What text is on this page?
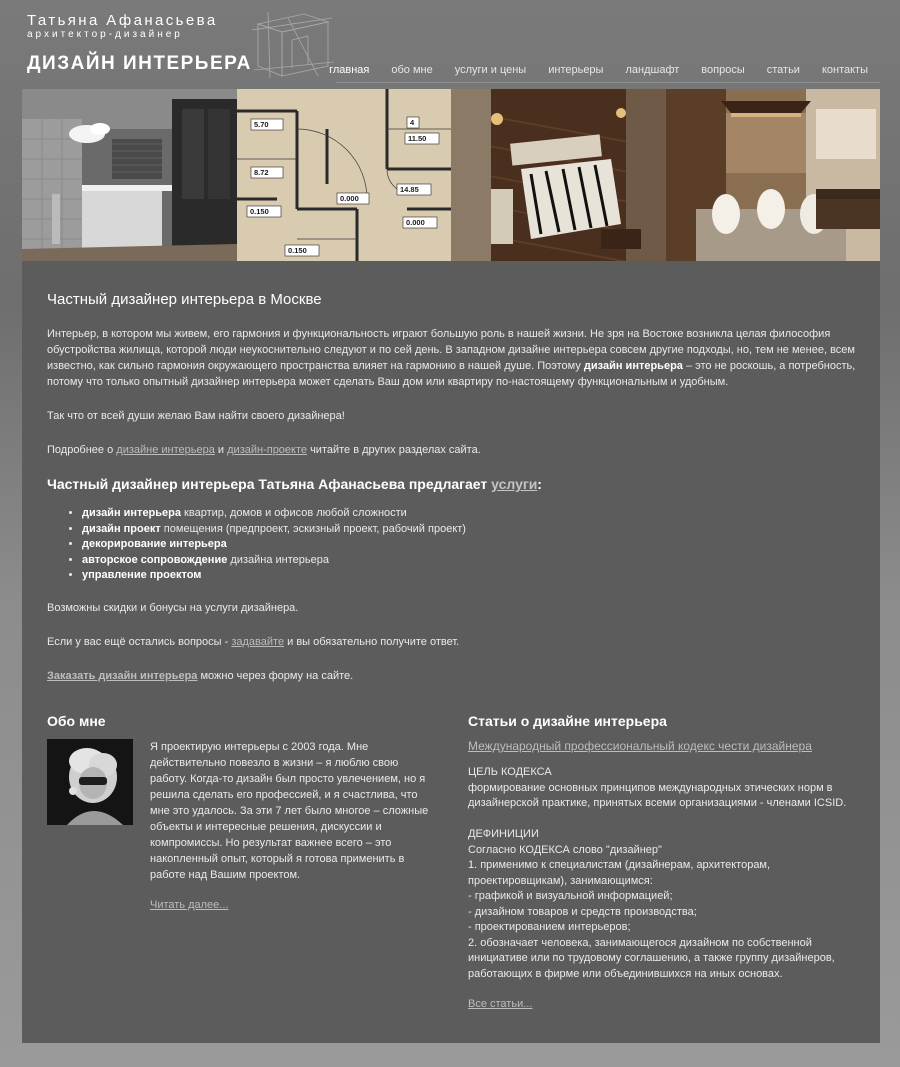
Татьяна Афанасьева
архитектор-дизайнер
ДИЗАЙН ИНТЕРЬЕРА	главная обо мне услуги и цены интерьеры ландшафт вопросы статьи контакты
5.70
8.72
0.150
0.000
14.85
11.50
0.000
0.150
4
Частный дизайнер интерьера в Москве

Интерьер, в котором мы живем, его гармония и функциональность играют большую роль в нашей жизни. Не зря на Востоке возникла целая философия обустройства жилища, которой люди неукоснительно следуют и по сей день. В западном дизайне интерьера совсем другие подходы, но, тем не менее, всем известно, как сильно гармония окружающего пространства влияет на гармонию в нашей душе. Поэтому дизайн интерьера – это не роскошь, а потребность, потому что только опытный дизайнер интерьера может сделать Ваш дом или квартиру по-настоящему функциональным и удобным.

Так что от всей души желаю Вам найти своего дизайнера!

Подробнее о дизайне интерьера и дизайн-проекте читайте в других разделах сайта.

Частный дизайнер интерьера Татьяна Афанасьева предлагает услуги:
• дизайн интерьера квартир, домов и офисов любой сложности
• дизайн проект помещения (предпроект, эскизный проект, рабочий проект)
• декорирование интерьера
• авторское сопровождение дизайна интерьера
• управление проектом

Возможны скидки и бонусы на услуги дизайнера.

Если у вас ещё остались вопросы - задавайте и вы обязательно получите ответ.

Заказать дизайн интерьера можно через форму на сайте.

Обо мне
Я проектирую интерьеры с 2003 года. Мне действительно повезло в жизни – я люблю свою работу. Когда-то дизайн был просто увлечением, но я решила сделать его профессией, и я счастлива, что мне это удалось. За эти 7 лет было многое – сложные объекты и интересные решения, дискуссии и компромиссы. Но результат важнее всего – это накопленный опыт, который я готова применить в работе над Вашим проектом.
Читать далее...
Статьи о дизайне интерьера
Международный профессиональный кодекс чести дизайнера
ЦЕЛЬ КОДЕКСА
формирование основных принципов международных этических норм в дизайнерской практике, принятых всеми организациями - членами ICSID.

ДЕФИНИЦИИ
Согласно КОДЕКСА слово "дизайнер"
1. применимо к специалистам (дизайнерам, архитекторам, проектировщикам), занимающимся:
- графикой и визуальной информацией;
- дизайном товаров и средств производства;
- проектированием интерьеров;
2. обозначает человека, занимающегося дизайном по собственной инициативе или по трудовому соглашению, а также группу дизайнеров, работающих в фирме или объединившихся на иных основах.
Все статьи...
